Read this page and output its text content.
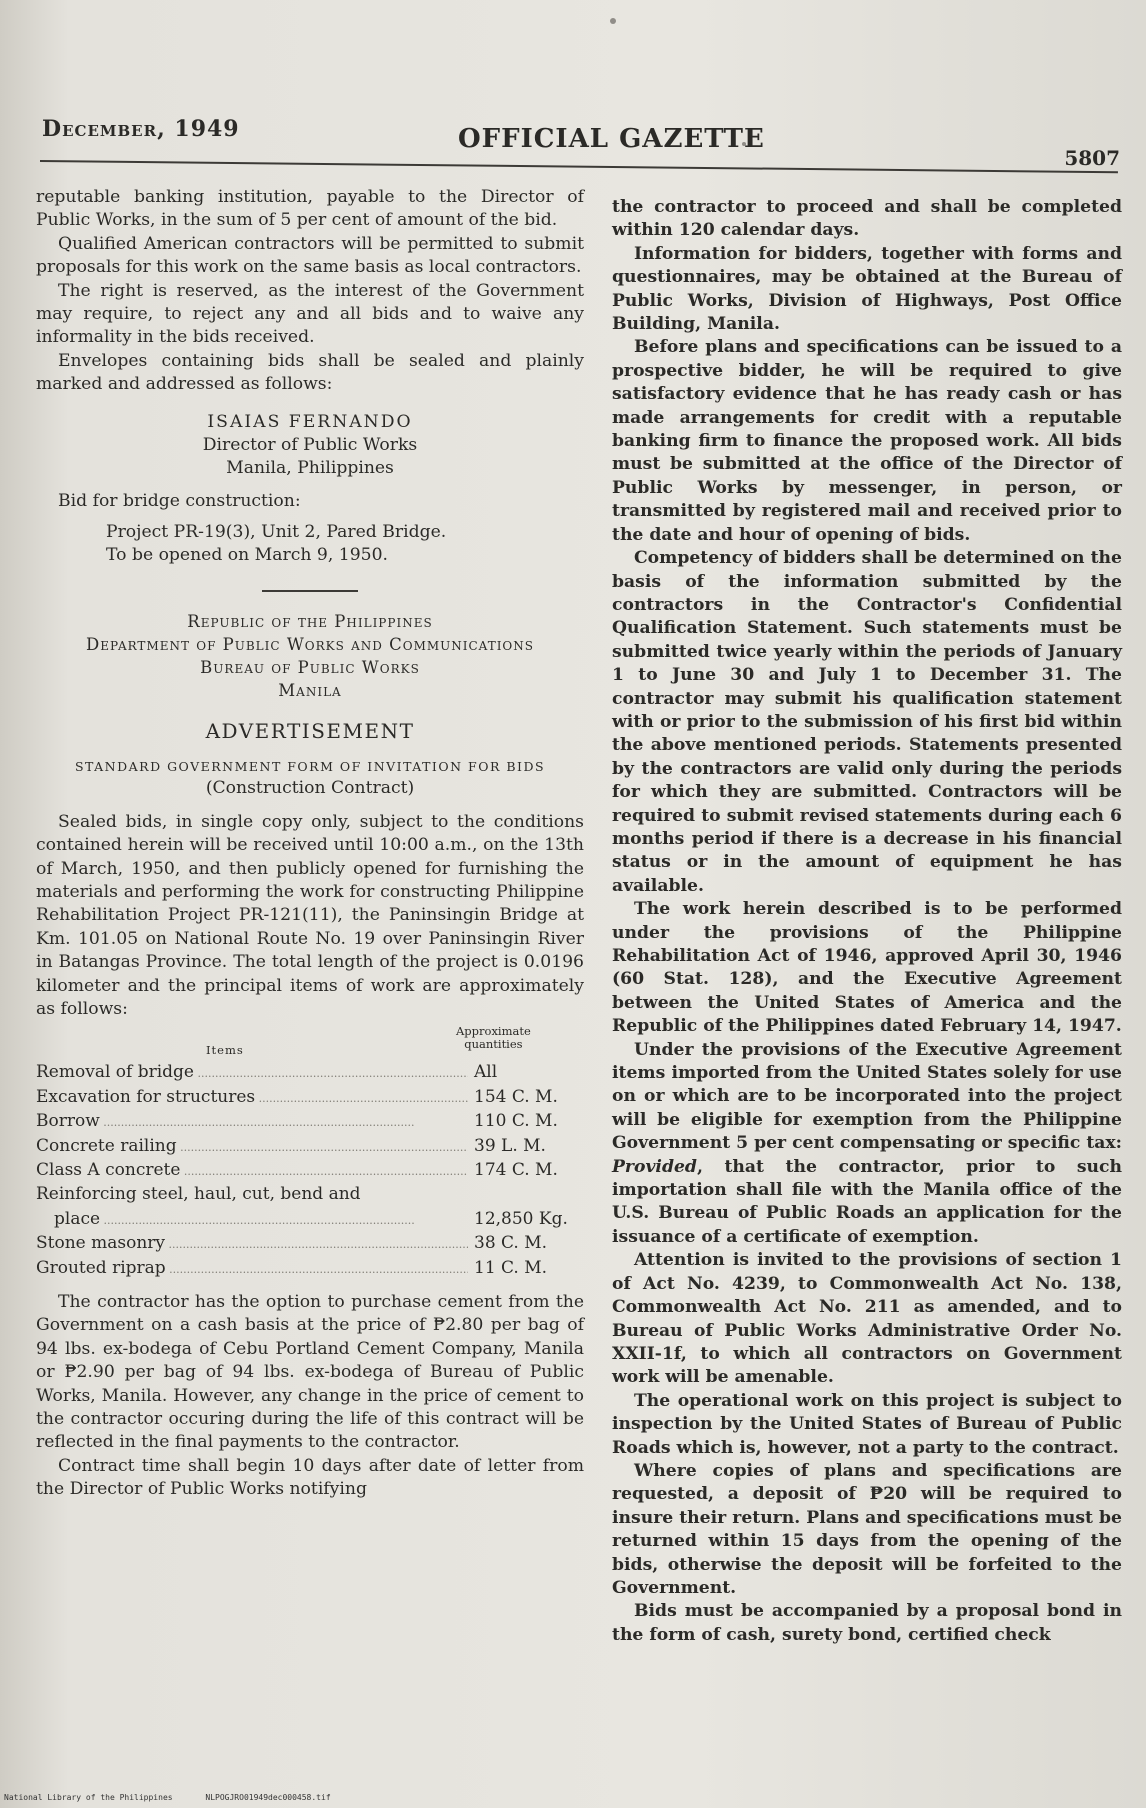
December, 1949	OFFICIAL GAZETTE
5807

reputable banking institution, payable to the Director of Public Works, in the sum of 5 per cent of amount of the bid.

Qualified American contractors will be permitted to submit proposals for this work on the same basis as local contractors.

The right is reserved, as the interest of the Government may require, to reject any and all bids and to waive any informality in the bids received.

Envelopes containing bids shall be sealed and plainly marked and addressed as follows:

ISAIAS FERNANDO
Director of Public Works
Manila, Philippines
Bid for bridge construction:
Project PR-19(3), Unit 2, Pared Bridge.
To be opened on March 9, 1950.
Republic of the Philippines
Department of Public Works and Communications
Bureau of Public Works
Manila
ADVERTISEMENT
STANDARD GOVERNMENT FORM OF INVITATION FOR BIDS
(Construction Contract)

Sealed bids, in single copy only, subject to the conditions contained herein will be received until 10:00 a.m., on the 13th of March, 1950, and then publicly opened for furnishing the materials and performing the work for constructing Philippine Rehabilitation Project PR-121(11), the Paninsingin Bridge at Km. 101.05 on National Route No. 19 over Paninsingin River in Batangas Province. The total length of the project is 0.0196 kilometer and the principal items of work are approximately as follows:

Items
Approximate
quantities
Removal of bridge .....	All
Excavation for structures .....	154 C. M.
Borrow .....	110 C. M.
Concrete railing .....	39 L. M.
Class A concrete .....	174 C. M.
Reinforcing steel, haul, cut, bend and
place .....	12,850 Kg.
Stone masonry .....	38 C. M.
Grouted riprap .....	11 C. M.

The contractor has the option to purchase cement from the Government on a cash basis at the price of ₱2.80 per bag of 94 lbs. ex-bodega of Cebu Portland Cement Company, Manila or ₱2.90 per bag of 94 lbs. ex-bodega of Bureau of Public Works, Manila. However, any change in the price of cement to the contractor occuring during the life of this contract will be reflected in the final payments to the contractor.

Contract time shall begin 10 days after date of letter from the Director of Public Works notifying

the contractor to proceed and shall be completed within 120 calendar days.

Information for bidders, together with forms and questionnaires, may be obtained at the Bureau of Public Works, Division of Highways, Post Office Building, Manila.

Before plans and specifications can be issued to a prospective bidder, he will be required to give satisfactory evidence that he has ready cash or has made arrangements for credit with a reputable banking firm to finance the proposed work. All bids must be submitted at the office of the Director of Public Works by messenger, in person, or transmitted by registered mail and received prior to the date and hour of opening of bids.

Competency of bidders shall be determined on the basis of the information submitted by the contractors in the Contractor's Confidential Qualification Statement. Such statements must be submitted twice yearly within the periods of January 1 to June 30 and July 1 to December 31. The contractor may submit his qualification statement with or prior to the submission of his first bid within the above mentioned periods. Statements presented by the contractors are valid only during the periods for which they are submitted. Contractors will be required to submit revised statements during each 6 months period if there is a decrease in his financial status or in the amount of equipment he has available.

The work herein described is to be performed under the provisions of the Philippine Rehabilitation Act of 1946, approved April 30, 1946 (60 Stat. 128), and the Executive Agreement between the United States of America and the Republic of the Philippines dated February 14, 1947.

Under the provisions of the Executive Agreement items imported from the United States solely for use on or which are to be incorporated into the project will be eligible for exemption from the Philippine Government 5 per cent compensating or specific tax: Provided, that the contractor, prior to such importation shall file with the Manila office of the U.S. Bureau of Public Roads an application for the issuance of a certificate of exemption.

Attention is invited to the provisions of section 1 of Act No. 4239, to Commonwealth Act No. 138, Commonwealth Act No. 211 as amended, and to Bureau of Public Works Administrative Order No. XXII-1f, to which all contractors on Government work will be amenable.

The operational work on this project is subject to inspection by the United States of Bureau of Public Roads which is, however, not a party to the contract.

Where copies of plans and specifications are requested, a deposit of ₱20 will be required to insure their return. Plans and specifications must be returned within 15 days from the opening of the bids, otherwise the deposit will be forfeited to the Government.

Bids must be accompanied by a proposal bond in the form of cash, surety bond, certified check

National Library of the Philippines	NLPOGJRO01949dec000458.tif
